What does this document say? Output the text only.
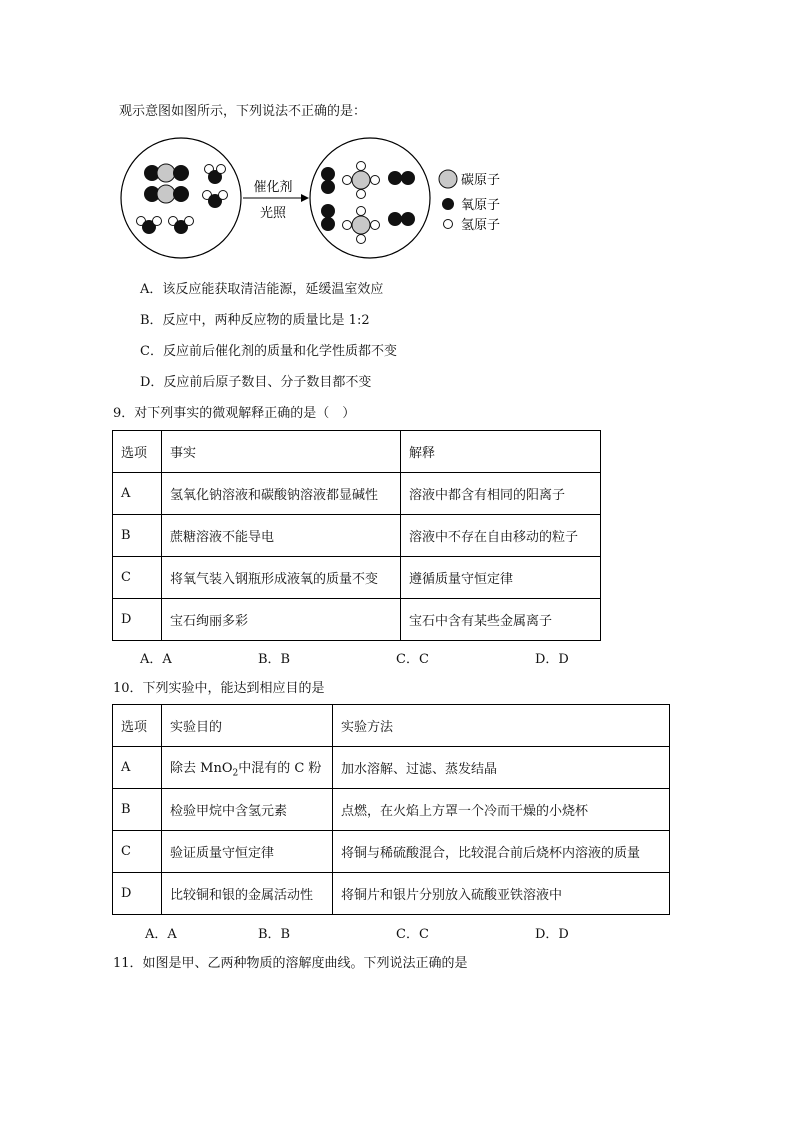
观示意图如图所示，下列说法不正确的是：
催化剂
光照
碳原子
氧原子
氢原子
A．该反应能获取清洁能源，延缓温室效应
B．反应中，两种反应物的质量比是 1:2
C．反应前后催化剂的质量和化学性质都不变
D．反应前后原子数目、分子数目都不变
9．对下列事实的微观解释正确的是（　）
选项	事实	解释
A	氢氧化钠溶液和碳酸钠溶液都显碱性	溶液中都含有相同的阳离子
B	蔗糖溶液不能导电	溶液中不存在自由移动的粒子
C	将氧气装入钢瓶形成液氧的质量不变	遵循质量守恒定律
D	宝石绚丽多彩	宝石中含有某些金属离子
A．A	B．B	C．C	D．D
10．下列实验中，能达到相应目的是
选项	实验目的	实验方法
A	除去 MnO$_2$中混有的 C 粉	加水溶解、过滤、蒸发结晶
B	检验甲烷中含氢元素	点燃，在火焰上方罩一个冷而干燥的小烧杯
C	验证质量守恒定律	将铜与稀硫酸混合，比较混合前后烧杯内溶液的质量
D	比较铜和银的金属活动性	将铜片和银片分别放入硫酸亚铁溶液中
A．A	B．B	C．C	D．D
11．如图是甲、乙两种物质的溶解度曲线。下列说法正确的是
